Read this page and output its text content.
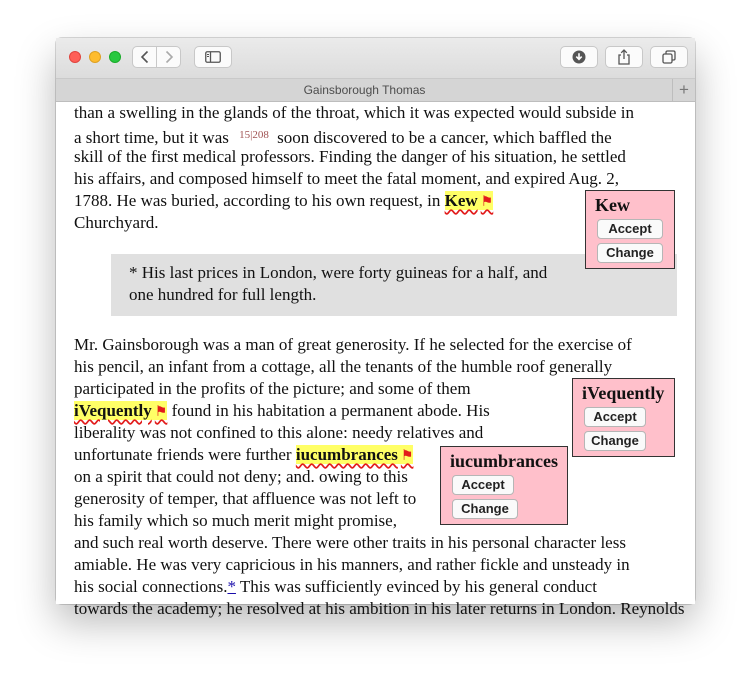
Gainsborough Thomas	+

than a swelling in the glands of the throat, which it was expected would subside in

a short time, but it was $^{15|208}$ soon discovered to be a cancer, which baffled the

skill of the first medical professors. Finding the danger of his situation, he settled

his affairs, and composed himself to meet the fatal moment, and expired Aug. 2,

1788. He was buried, according to his own request, in Kew ⚑

Churchyard.

* His last prices in London, were forty guineas for a half, and
one hundred for full length.

Mr. Gainsborough was a man of great generosity. If he selected for the exercise of

his pencil, an infant from a cottage, all the tenants of the humble roof generally

participated in the profits of the picture; and some of them

iVequently ⚑ found in his habitation a permanent abode. His

liberality was not confined to this alone: needy relatives and

unfortunate friends were further iucumbrances ⚑

on a spirit that could not deny; and. owing to this

generosity of temper, that affluence was not left to

his family which so much merit might promise,

and such real worth deserve. There were other traits in his personal character less

amiable. He was very capricious in his manners, and rather fickle and unsteady in

his social connections.* This was sufficiently evinced by his general conduct

towards the academy; he resolved at his ambition in his later returns in London. Reynolds

Kew
Accept
Change
iVequently
Accept
Change
iucumbrances
Accept
Change
